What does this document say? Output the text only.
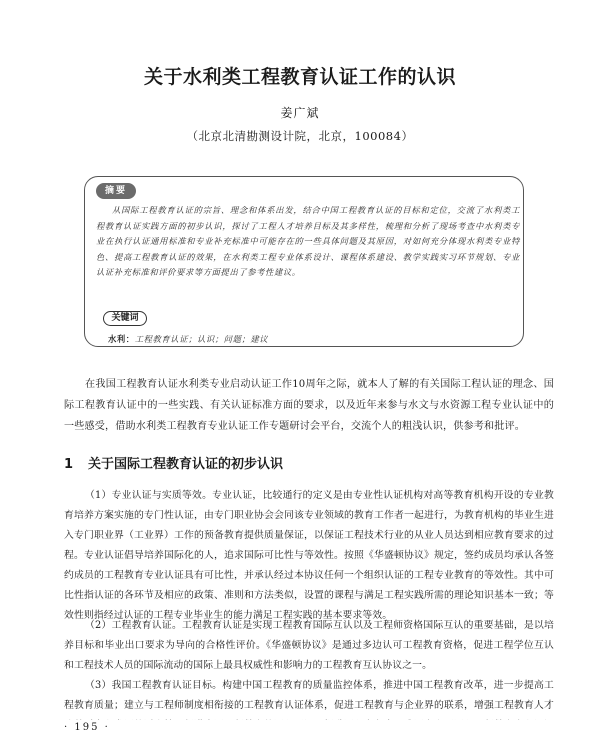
关于水利类工程教育认证工作的认识
姜广斌
（北京北清勘测设计院，北京，100084）
摘要
从国际工程教育认证的宗旨、理念和体系出发，结合中国工程教育认证的目标和定位，交流了水利类工程教育认证实践方面的初步认识，探讨了工程人才培养目标及其多样性，梳理和分析了现场考查中水利类专业在执行认证通用标准和专业补充标准中可能存在的一些具体问题及其原因，对如何充分体现水利类专业特色、提高工程教育认证的效果，在水利类工程专业体系设计、课程体系建设、教学实践实习环节规划、专业认证补充标准和评价要求等方面提出了参考性建议。
关键词
水利：工程教育认证；认识；问题；建议
在我国工程教育认证水利类专业启动认证工作10周年之际，就本人了解的有关国际工程认证的理念、国际工程教育认证中的一些实践、有关认证标准方面的要求，以及近年来参与水文与水资源工程专业认证中的一些感受，借助水利类工程教育专业认证工作专题研讨会平台，交流个人的粗浅认识，供参考和批评。
1 关于国际工程教育认证的初步认识
（1）专业认证与实质等效。专业认证，比较通行的定义是由专业性认证机构对高等教育机构开设的专业教育培养方案实施的专门性认证，由专门职业协会会同该专业领域的教育工作者一起进行，为教育机构的毕业生进入专门职业界（工业界）工作的预备教育提供质量保证，以保证工程技术行业的从业人员达到相应教育要求的过程。专业认证倡导培养国际化的人，追求国际可比性与等效性。按照《华盛顿协议》规定，签约成员均承认各签约成员的工程教育专业认证具有可比性，并承认经过本协议任何一个组织认证的工程专业教育的等效性。其中可比性指认证的各环节及相应的政策、准则和方法类似，设置的课程与满足工程实践所需的理论知识基本一致；等效性则指经过认证的工程专业毕业生的能力满足工程实践的基本要求等效。
（2）工程教育认证。工程教育认证是实现工程教育国际互认以及工程师资格国际互认的重要基础，是以培养目标和毕业出口要求为导向的合格性评价。《华盛顿协议》是通过多边认可工程教育资格，促进工程学位互认和工程技术人员的国际流动的国际上最具权威性和影响力的工程教育互认协议之一。
（3）我国工程教育认证目标。构建中国工程教育的质量监控体系，推进中国工程教育改革，进一步提高工程教育质量；建立与工程师制度相衔接的工程教育认证体系，促进工程教育与企业界的联系，增强工程教育人才
· 195 ·
